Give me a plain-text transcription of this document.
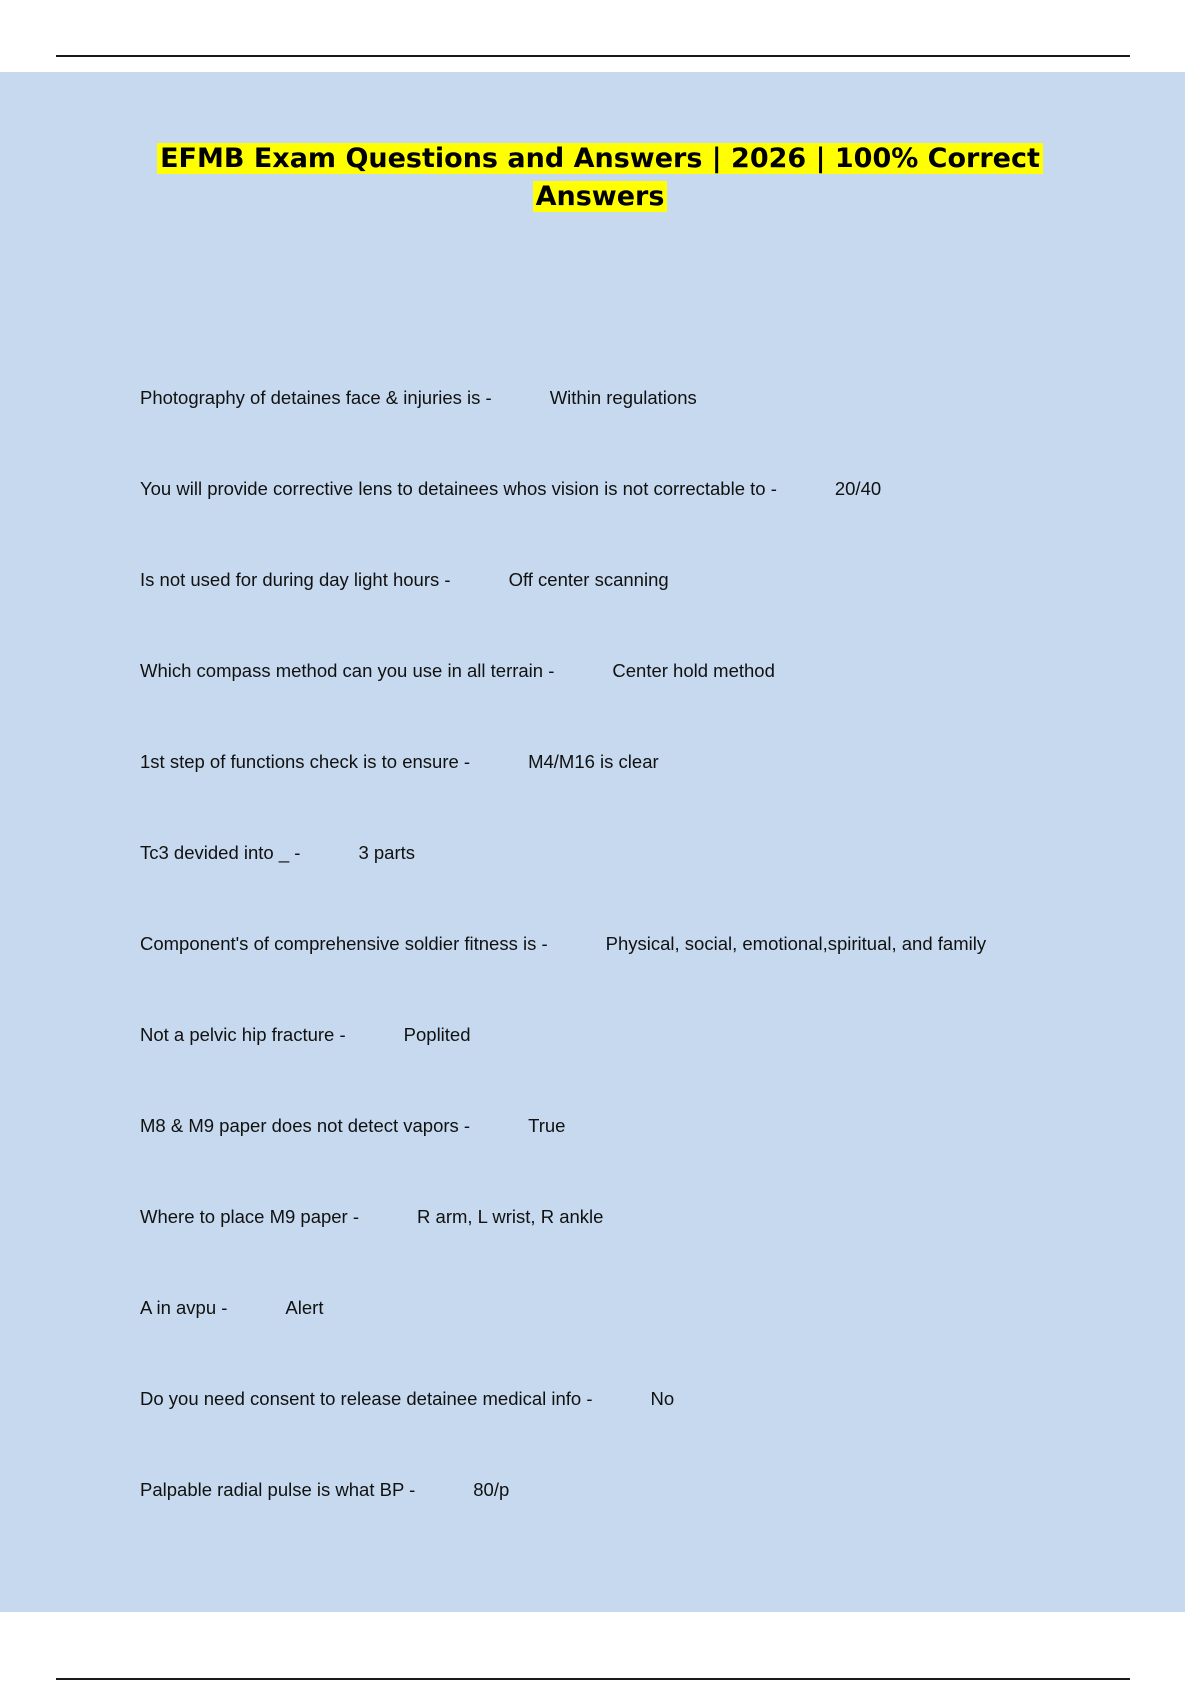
EFMB Exam Questions and Answers | 2026 | 100% Correct
Answers
Photography of detaines face & injuries is -	Within regulations
You will provide corrective lens to detainees whos vision is not correctable to -	20/40
Is not used for during day light hours -	Off center scanning
Which compass method can you use in all terrain -	Center hold method
1st step of functions check is to ensure -	M4/M16 is clear
Tc3 devided into _ -	3 parts
Component's of comprehensive soldier fitness is -	Physical, social, emotional,spiritual, and family
Not a pelvic hip fracture -	Poplited
M8 & M9 paper does not detect vapors -	True
Where to place M9 paper -	R arm, L wrist, R ankle
A in avpu -	Alert
Do you need consent to release detainee medical info -	No
Palpable radial pulse is what BP -	80/p
